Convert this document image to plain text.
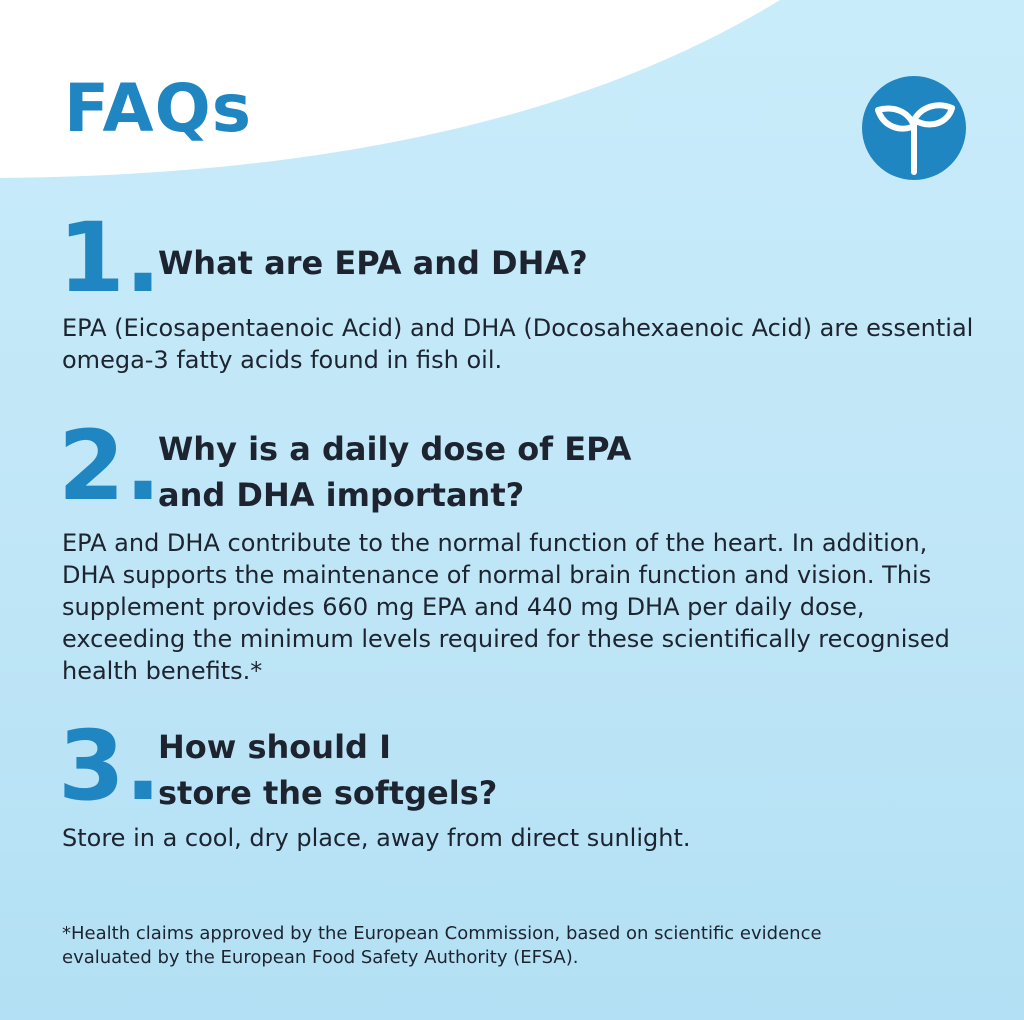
FAQs
1.
What are EPA and DHA?

EPA (Eicosapentaenoic Acid) and DHA (Docosahexaenoic Acid) are essential omega-3 fatty acids found in fish oil.

2.
Why is a daily dose of EPA
and DHA important?

EPA and DHA contribute to the normal function of the heart. In addition, DHA supports the maintenance of normal brain function and vision. This supplement provides 660 mg EPA and 440 mg DHA per daily dose, exceeding the minimum levels required for these scientifically recognised health benefits.*

3.
How should I
store the softgels?

Store in a cool, dry place, away from direct sunlight.

*Health claims approved by the European Commission, based on scientific evidence evaluated by the European Food Safety Authority (EFSA).
